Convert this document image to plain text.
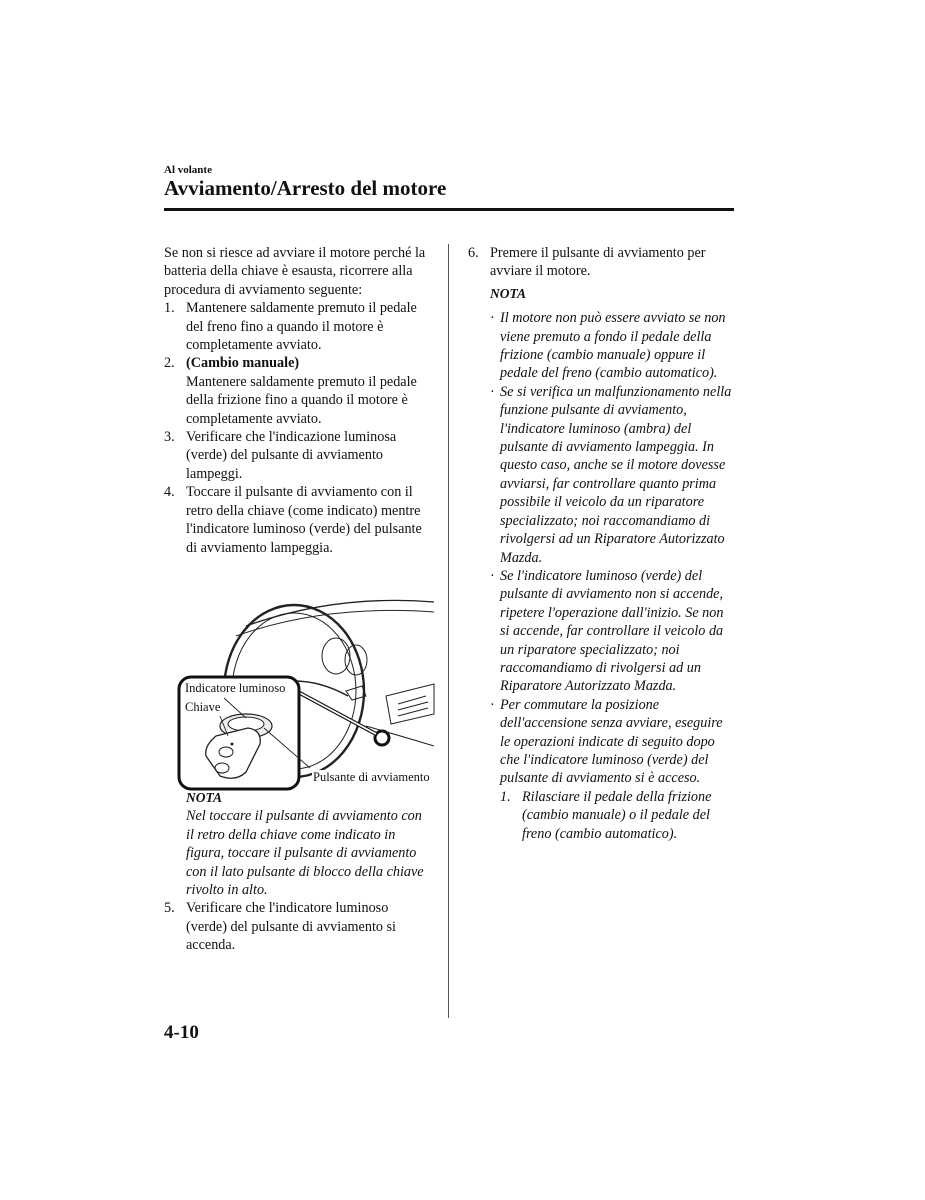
Al volante
Avviamento/Arresto del motore
Se non si riesce ad avviare il motore perché la batteria della chiave è esausta, ricorrere alla procedura di avviamento seguente:
1. Mantenere saldamente premuto il pedale del freno fino a quando il motore è completamente avviato.
2. (Cambio manuale)
Mantenere saldamente premuto il pedale della frizione fino a quando il motore è completamente avviato.
3. Verificare che l'indicazione luminosa (verde) del pulsante di avviamento lampeggi.
4. Toccare il pulsante di avviamento con il retro della chiave (come indicato) mentre l'indicatore luminoso (verde) del pulsante di avviamento lampeggia.
NOTA
Nel toccare il pulsante di avviamento con il retro della chiave come indicato in figura, toccare il pulsante di avviamento con il lato pulsante di blocco della chiave rivolto in alto.
5. Verificare che l'indicatore luminoso (verde) del pulsante di avviamento si accenda.
Indicatore luminoso
Chiave
Pulsante di avviamento
6. Premere il pulsante di avviamento per avviare il motore.
NOTA
· Il motore non può essere avviato se non viene premuto a fondo il pedale della frizione (cambio manuale) oppure il pedale del freno (cambio automatico).
· Se si verifica un malfunzionamento nella funzione pulsante di avviamento, l'indicatore luminoso (ambra) del pulsante di avviamento lampeggia. In questo caso, anche se il motore dovesse avviarsi, far controllare quanto prima possibile il veicolo da un riparatore specializzato; noi raccomandiamo di rivolgersi ad un Riparatore Autorizzato Mazda.
· Se l'indicatore luminoso (verde) del pulsante di avviamento non si accende, ripetere l'operazione dall'inizio. Se non si accende, far controllare il veicolo da un riparatore specializzato; noi raccomandiamo di rivolgersi ad un Riparatore Autorizzato Mazda.
· Per commutare la posizione dell'accensione senza avviare, eseguire le operazioni indicate di seguito dopo che l'indicatore luminoso (verde) del pulsante di avviamento si è acceso.
1. Rilasciare il pedale della frizione (cambio manuale) o il pedale del freno (cambio automatico).
4-10
